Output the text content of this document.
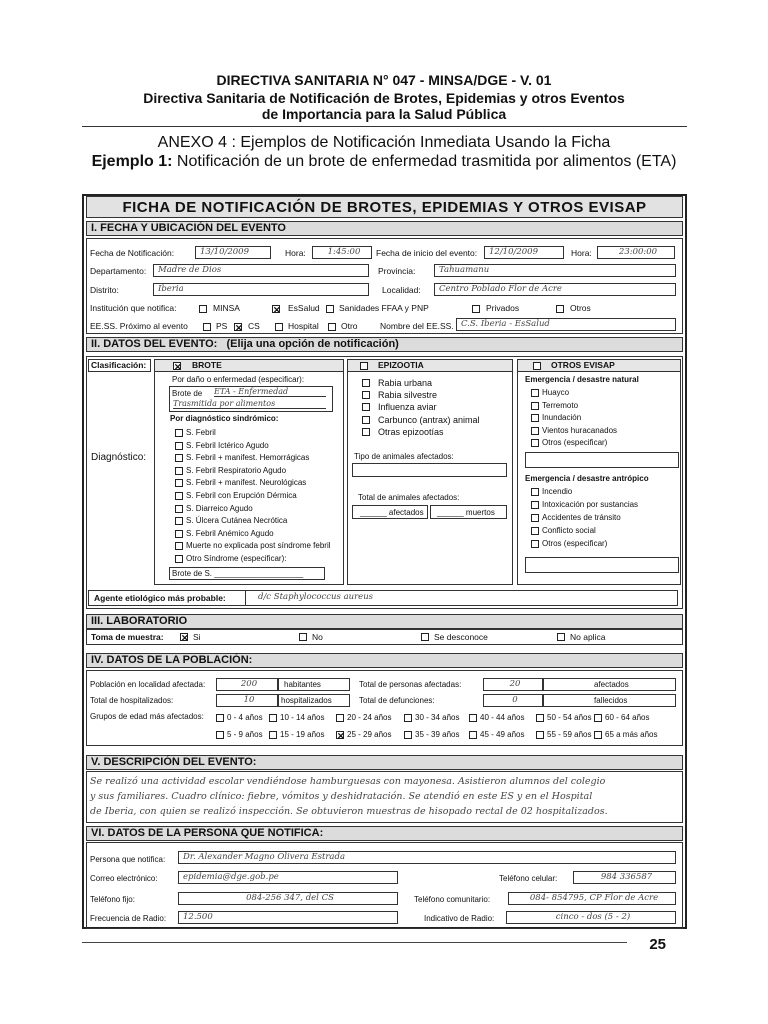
DIRECTIVA SANITARIA N° 047 - MINSA/DGE - V. 01
Directiva Sanitaria de Notificación de Brotes, Epidemias y otros Eventos
de Importancia para la Salud Pública
ANEXO 4 : Ejemplos de Notificación Inmediata Usando la Ficha
Ejemplo 1: Notificación de un brote de enfermedad trasmitida por alimentos (ETA)
FICHA DE NOTIFICACIÓN DE BROTES, EPIDEMIAS Y OTROS EVISAP
I. FECHA Y UBICACIÓN DEL EVENTO
Fecha de Notificación:	13/10/2009	Hora:	1:45:00	Fecha de inicio del evento:	12/10/2009	Hora:	23:00:00
Departamento:	Madre de Dios	Provincia:	Tahuamanu
Distrito:	Iberia	Localidad:	Centro Poblado Flor de Acre
Institución que notifica:	MINSA	✕ EsSalud Sanidades FFAA y PNP	Privados	Otros
EE.SS. Próximo al evento	PS ✕ CS	Hospital	Otro	Nombre del EE.SS. C.S. Iberia - EsSalud
II. DATOS DEL EVENTO: (Elija una opción de notificación)
Clasificación:
Diagnóstico:
✕ BROTE
Por daño o enfermedad (especificar):
Brote de ETA - Enfermedad
Trasmitida por alimentos
Por diagnóstico sindrómico:
S. Febril
S. Febril Ictérico Agudo
S. Febril + manifest. Hemorrágicas
S. Febril Respiratorio Agudo
S. Febril + manifest. Neurológicas
S. Febril con Erupción Dérmica
S. Diarreico Agudo
S. Úlcera Cutánea Necrótica
S. Febril Anémico Agudo
Muerte no explicada post síndrome febril
Otro Síndrome (especificar):
Brote de S. ____________________
EPIZOOTIA
Rabia urbana
Rabia silvestre
Influenza aviar
Carbunco (antrax) animal
Otras epizootías
Tipo de animales afectados:
Total de animales afectados:
______ afectados ______ muertos
OTROS EVISAP
Emergencia / desastre natural
Huayco
Terremoto
Inundación
Vientos huracanados
Otros (especificar)
Emergencia / desastre antrópico
Incendio
Intoxicación por sustancias
Accidentes de tránsito
Conflicto social
Otros (especificar)
Agente etiológico más probable:	d/c Staphylococcus aureus
III. LABORATORIO
Toma de muestra: ✕ Si	No	Se desconoce	No aplica
IV. DATOS DE LA POBLACIÓN:
Población en localidad afectada:	200	habitantes	Total de personas afectadas:	20	afectados
Total de hospitalizados:	10	hospitalizados	Total de defunciones:	0	fallecidos
Grupos de edad más afectados:	0 - 4 años 10 - 14 años	20 - 24 años	30 - 34 años	40 - 44 años	50 - 54 años 60 - 64 años
5 - 9 años 15 - 19 años ✕ 25 - 29 años	35 - 39 años	45 - 49 años	55 - 59 años 65 a más años
V. DESCRIPCIÓN DEL EVENTO:
Se realizó una actividad escolar vendiéndose hamburguesas con mayonesa. Asistieron alumnos del colegio
y sus familiares. Cuadro clínico: fiebre, vómitos y deshidratación. Se atendió en este ES y en el Hospital
de Iberia, con quien se realizó inspección. Se obtuvieron muestras de hisopado rectal de 02 hospitalizados.
VI. DATOS DE LA PERSONA QUE NOTIFICA:
Persona que notifica:	Dr. Alexander Magno Olivera Estrada
Correo electrónico:	epidemia@dge.gob.pe	Teléfono celular:	984 336587
Teléfono fijo:	084-256 347, del CS	Teléfono comunitario:	084- 854795, CP Flor de Acre
Frecuencia de Radio:	12.500	Indicativo de Radio:	cinco - dos (5 - 2)
25
